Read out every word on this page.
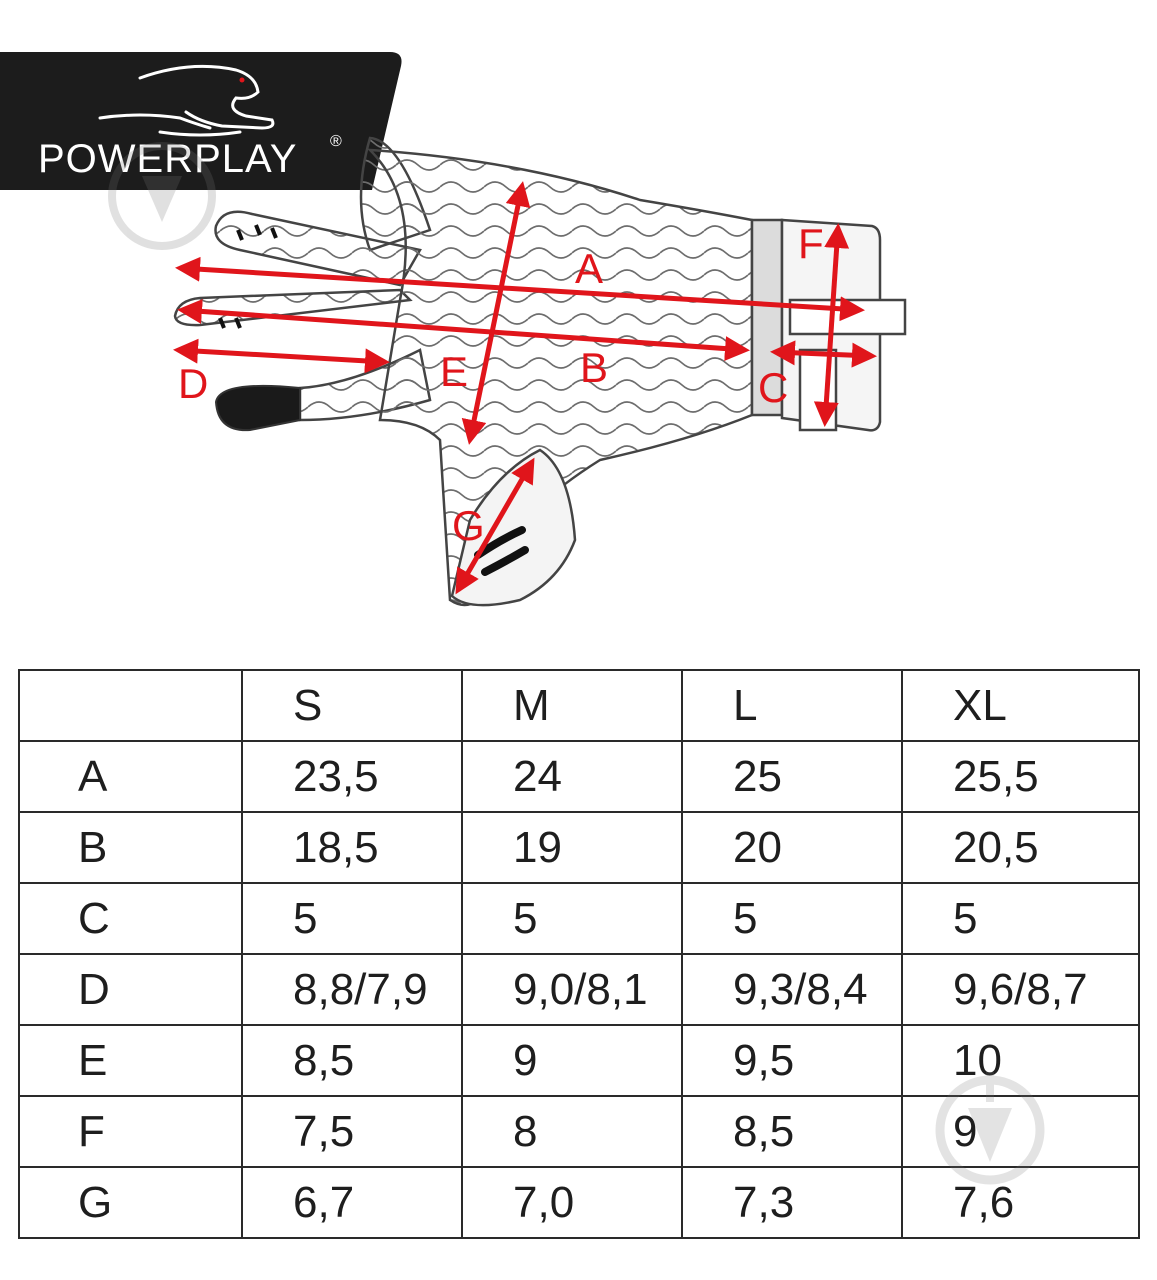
POWERPLAY ®
A
B	C
D	E
F
G
	S	M	L	XL
A	23,5	24	25	25,5
B	18,5	19	20	20,5
C	5	5	5	5
D	8,8/7,9	9,0/8,1	9,3/8,4	9,6/8,7
E	8,5	9	9,5	10
F	7,5	8	8,5	9
G	6,7	7,0	7,3	7,6
